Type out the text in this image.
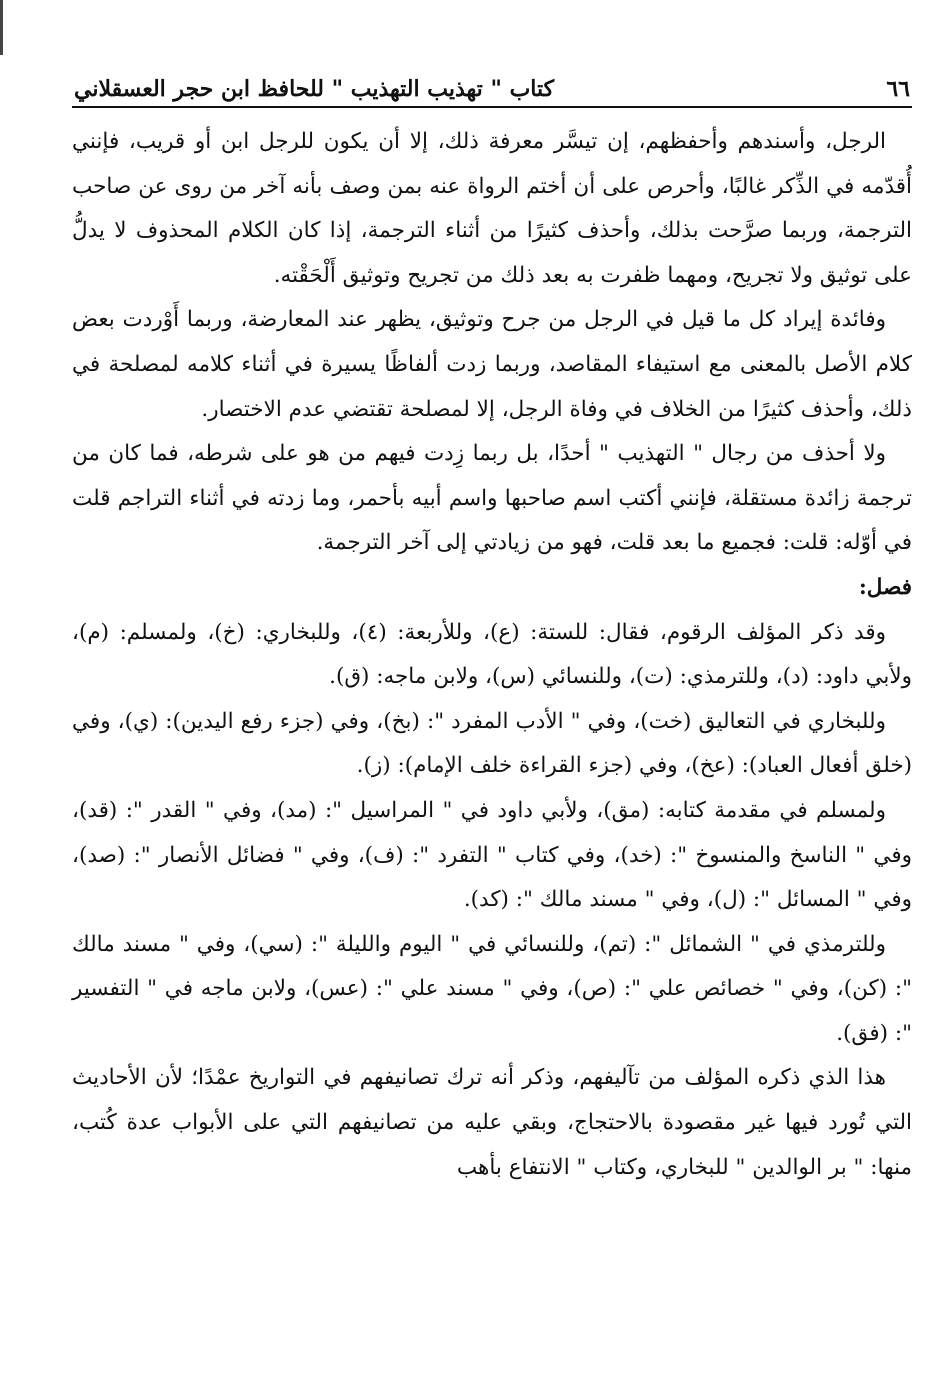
٦٦
كتاب " تهذيب التهذيب " للحافظ ابن حجر العسقلاني

الرجل، وأسندهم وأحفظهم، إن تيسَّر معرفة ذلك، إلا أن يكون للرجل ابن أو قريب، فإنني أُقدّمه في الذِّكر غالبًا، وأحرص على أن أختم الرواة عنه بمن وصف بأنه آخر من روى عن صاحب الترجمة، وربما صرَّحت بذلك، وأحذف كثيرًا من أثناء الترجمة، إذا كان الكلام المحذوف لا يدلُّ على توثيق ولا تجريح، ومهما ظفرت به بعد ذلك من تجريح وتوثيق أَلْحَقْته.

وفائدة إيراد كل ما قيل في الرجل من جرح وتوثيق، يظهر عند المعارضة، وربما أَوْردت بعض كلام الأصل بالمعنى مع استيفاء المقاصد، وربما زدت ألفاظًا يسيرة في أثناء كلامه لمصلحة في ذلك، وأحذف كثيرًا من الخلاف في وفاة الرجل، إلا لمصلحة تقتضي عدم الاختصار.

ولا أحذف من رجال " التهذيب " أحدًا، بل ربما زِدت فيهم من هو على شرطه، فما كان من ترجمة زائدة مستقلة، فإنني أكتب اسم صاحبها واسم أبيه بأحمر، وما زدته في أثناء التراجم قلت في أوّله: قلت: فجميع ما بعد قلت، فهو من زيادتي إلى آخر الترجمة.

فصل:

وقد ذكر المؤلف الرقوم، فقال: للستة: (ع)، وللأربعة: (٤)، وللبخاري: (خ)، ولمسلم: (م)، ولأبي داود: (د)، وللترمذي: (ت)، وللنسائي (س)، ولابن ماجه: (ق).

وللبخاري في التعاليق (خت)، وفي " الأدب المفرد ": (بخ)، وفي (جزء رفع اليدين): (ي)، وفي (خلق أفعال العباد): (عخ)، وفي (جزء القراءة خلف الإمام): (ز).

ولمسلم في مقدمة كتابه: (مق)، ولأبي داود في " المراسيل ": (مد)، وفي " القدر ": (قد)، وفي " الناسخ والمنسوخ ": (خد)، وفي كتاب " التفرد ": (ف)، وفي " فضائل الأنصار ": (صد)، وفي " المسائل ": (ل)، وفي " مسند مالك ": (كد).

وللترمذي في " الشمائل ": (تم)، وللنسائي في " اليوم والليلة ": (سي)، وفي " مسند مالك ": (كن)، وفي " خصائص علي ": (ص)، وفي " مسند علي ": (عس)، ولابن ماجه في " التفسير ": (فق).

هذا الذي ذكره المؤلف من تآليفهم، وذكر أنه ترك تصانيفهم في التواريخ عمْدًا؛ لأن الأحاديث التي تُورد فيها غير مقصودة بالاحتجاج، وبقي عليه من تصانيفهم التي على الأبواب عدة كُتب، منها: " بر الوالدين " للبخاري، وكتاب " الانتفاع بأهب
